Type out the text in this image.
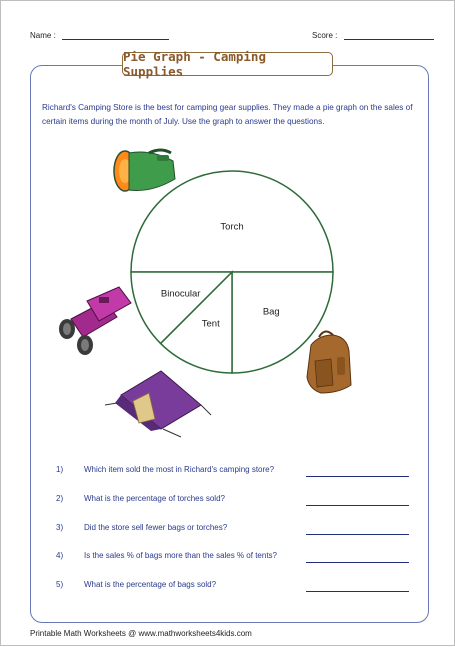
Name :	Score :
Pie Graph - Camping Supplies
Richard's Camping Store is the best for camping gear supplies. They made a pie graph on the sales of certain items during the month of July. Use the graph to answer the questions.
Torch
Bag
Tent
Binocular
1)	Which item sold the most in Richard's camping store?
2)	What is the percentage of torches sold?
3)	Did the store sell fewer bags or torches?
4)	Is the sales % of bags more than the sales % of tents?
5)	What is the percentage of bags sold?
Printable Math Worksheets @ www.mathworksheets4kids.com
